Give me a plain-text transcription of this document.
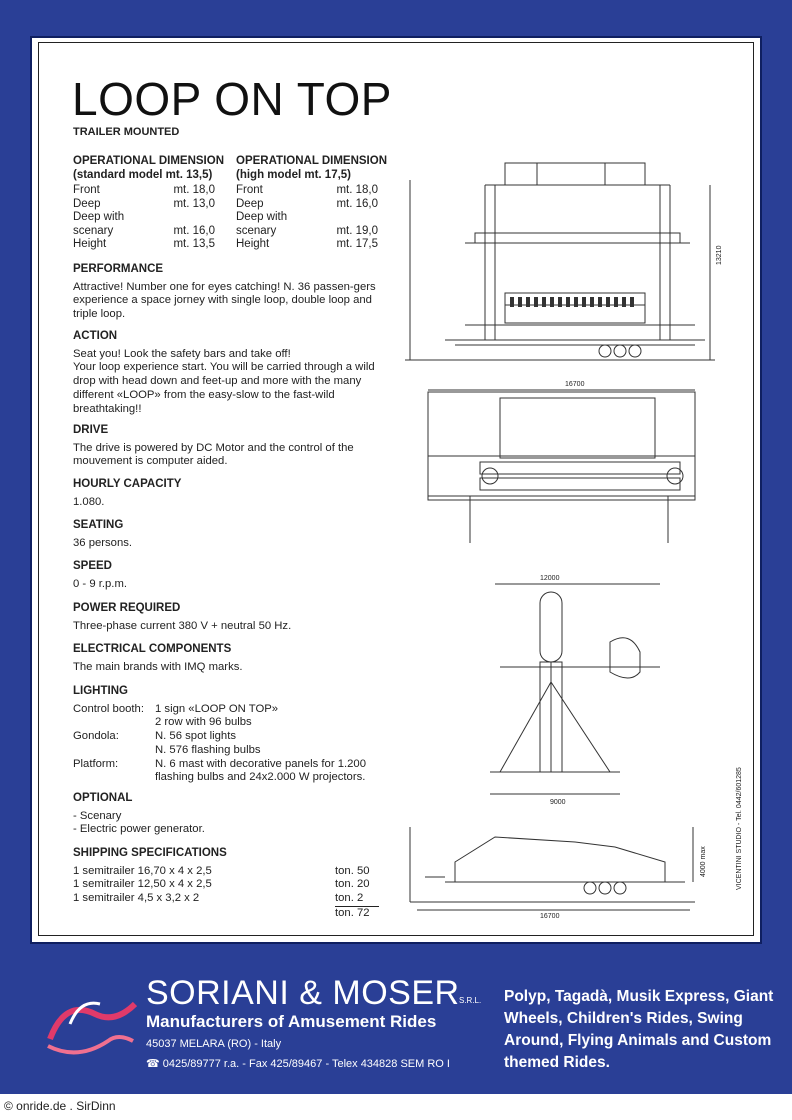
LOOP ON TOP
TRAILER MOUNTED
OPERATIONAL DIMENSION
(standard model mt. 13,5)
Front	mt. 18,0
Deep	mt. 13,0
Deep with
scenary	mt. 16,0
Height	mt. 13,5
OPERATIONAL DIMENSION
(high model mt. 17,5)
Front	mt. 18,0
Deep	mt. 16,0
Deep with
scenary	mt. 19,0
Height	mt. 17,5
PERFORMANCE
Attractive! Number one for eyes catching! N. 36 passen-gers experience a space jorney with single loop, double loop and triple loop.
ACTION
Seat you! Look the safety bars and take off!
Your loop experience start. You will be carried through a wild drop with head down and feet-up and more with the many different «LOOP» from the easy-slow to the fast-wild breathtaking!!
DRIVE
The drive is powered by DC Motor and the control of the mouvement is computer aided.
HOURLY CAPACITY
1.080.
SEATING
36 persons.
SPEED
0 - 9 r.p.m.
POWER REQUIRED
Three-phase current 380 V + neutral 50 Hz.
ELECTRICAL COMPONENTS
The main brands with IMQ marks.
LIGHTING
Control booth:	1 sign «LOOP ON TOP»
2 row with 96 bulbs

Gondola:	N. 56 spot lights
N. 576 flashing bulbs

Platform:	N. 6 mast with decorative panels for 1.200
flashing bulbs and 24x2.000 W projectors.
OPTIONAL
- Scenary
- Electric power generator.
SHIPPING SPECIFICATIONS
1 semitrailer 16,70 x 4 x 2,5	ton. 50
1 semitrailer 12,50 x 4 x 2,5	ton. 20
1 semitrailer 4,5 x 3,2 x 2	ton. 2
	ton. 72
13210
16700
12000
9000
4000 max
16700
VICENTINI STUDIO - Tel. 0442/601285
SORIANI & MOSER S.R.L.
Manufacturers of Amusement Rides
45037 MELARA (RO) - Italy
☎ 0425/89777 r.a. - Fax 425/89467 - Telex 434828 SEM RO I
Polyp, Tagadà, Musik Express, Giant Wheels, Children's Rides, Swing Around, Flying Animals and Custom themed Rides.
© onride.de . SirDinn
